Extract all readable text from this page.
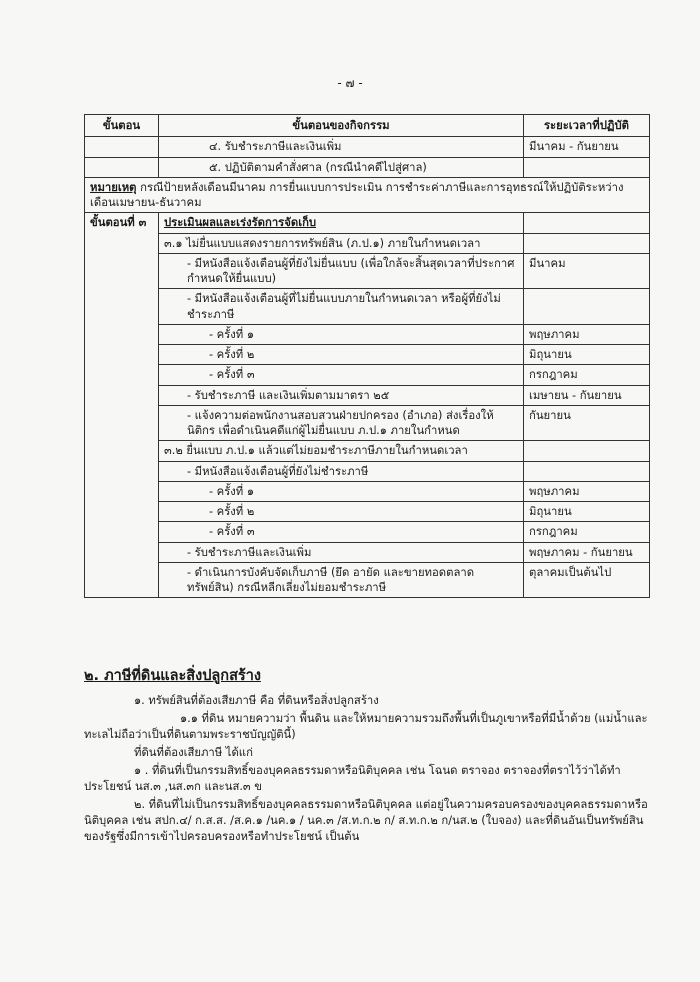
- ๗ -
ขั้นตอน	ขั้นตอนของกิจกรรม	ระยะเวลาที่ปฏิบัติ
	๔. รับชำระภาษีและเงินเพิ่ม	มีนาคม - กันยายน
	๕. ปฏิบัติตามคำสั่งศาล (กรณีนำคดีไปสู่ศาล)	
หมายเหตุ กรณีป้ายหลังเดือนมีนาคม การยื่นแบบการประเมิน การชำระค่าภาษีและการอุทธรณ์ให้ปฏิบัติระหว่างเดือนเมษายน-ธันวาคม		
ขั้นตอนที่ ๓	ประเมินผลและเร่งรัดการจัดเก็บ	
	๓.๑ ไม่ยื่นแบบแสดงรายการทรัพย์สิน (ภ.ป.๑) ภายในกำหนดเวลา	
	- มีหนังสือแจ้งเตือนผู้ที่ยังไม่ยื่นแบบ (เพื่อใกล้จะสิ้นสุดเวลาที่ประกาศกำหนดให้ยื่นแบบ)	มีนาคม
	- มีหนังสือแจ้งเตือนผู้ที่ไม่ยื่นแบบภายในกำหนดเวลา หรือผู้ที่ยังไม่ชำระภาษี	
	- ครั้งที่ ๑	พฤษภาคม
	- ครั้งที่ ๒	มิถุนายน
	- ครั้งที่ ๓	กรกฎาคม
	- รับชำระภาษี และเงินเพิ่มตามมาตรา ๒๕	เมษายน - กันยายน
	- แจ้งความต่อพนักงานสอบสวนฝ่ายปกครอง (อำเภอ) ส่งเรื่องให้นิติกร เพื่อดำเนินคดีแก่ผู้ไม่ยื่นแบบ ภ.ป.๑ ภายในกำหนด	กันยายน
	๓.๒ ยื่นแบบ ภ.ป.๑ แล้วแต่ไม่ยอมชำระภาษีภายในกำหนดเวลา	
	- มีหนังสือแจ้งเตือนผู้ที่ยังไม่ชำระภาษี	
	- ครั้งที่ ๑	พฤษภาคม
	- ครั้งที่ ๒	มิถุนายน
	- ครั้งที่ ๓	กรกฎาคม
	- รับชำระภาษีและเงินเพิ่ม	พฤษภาคม - กันยายน
	- ดำเนินการบังคับจัดเก็บภาษี (ยึด อายัด และขายทอดตลาดทรัพย์สิน) กรณีหลีกเลี่ยงไม่ยอมชำระภาษี	ตุลาคมเป็นต้นไป
๒. ภาษีที่ดินและสิ่งปลูกสร้าง

๑. ทรัพย์สินที่ต้องเสียภาษี คือ ที่ดินหรือสิ่งปลูกสร้าง

๑.๑ ที่ดิน หมายความว่า พื้นดิน และให้หมายความรวมถึงพื้นที่เป็นภูเขาหรือที่มีน้ำด้วย (แม่น้ำและทะเลไม่ถือว่าเป็นที่ดินตามพระราชบัญญัตินี้)

ที่ดินที่ต้องเสียภาษี ได้แก่

๑ . ที่ดินที่เป็นกรรมสิทธิ์ของบุคคลธรรมดาหรือนิติบุคคล เช่น โฉนด ตราจอง ตราจองที่ตราไว้ว่าได้ทำประโยชน์ นส.๓ ,นส.๓ก และนส.๓ ข

๒. ที่ดินที่ไม่เป็นกรรมสิทธิ์ของบุคคลธรรมดาหรือนิติบุคคล แต่อยู่ในความครอบครองของบุคคลธรรมดาหรือนิติบุคคล เช่น สปก.๔/ ก.ส.ส. /ส.ค.๑ /นค.๑ / นค.๓ /ส.ท.ก.๒ ก/ ส.ท.ก.๒ ก/นส.๒ (ใบจอง) และที่ดินอันเป็นทรัพย์สินของรัฐซึ่งมีการเข้าไปครอบครองหรือทำประโยชน์ เป็นต้น
